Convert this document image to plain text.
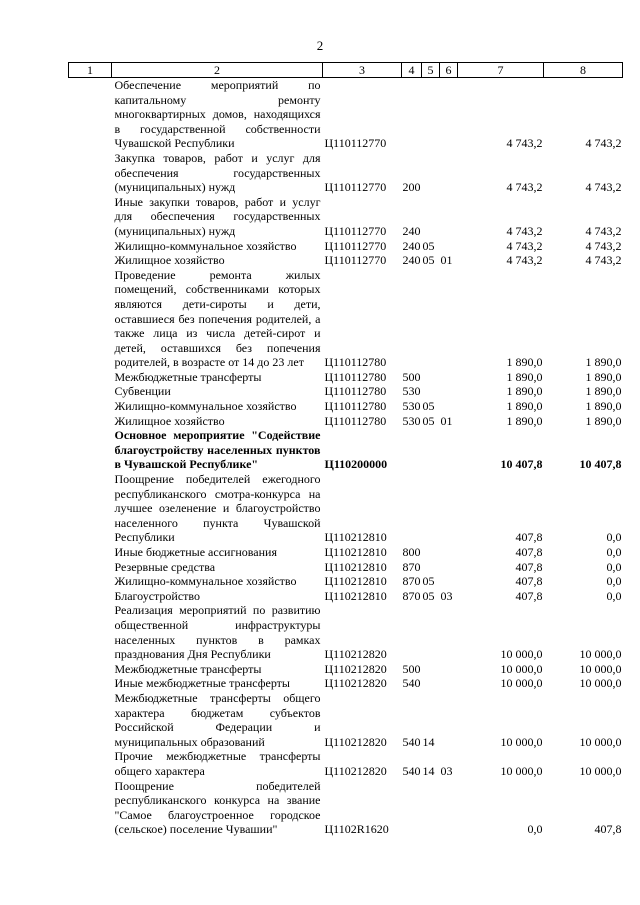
2
1	2	3	4	5	6	7	8
	Обеспечение мероприятий по капитальному ремонту многоквартирных домов, находящихся в государственной собственности Чувашской Республики	Ц110112770				4 743,2	4 743,2
	Закупка товаров, работ и услуг для обеспечения государственных (муниципальных) нужд	Ц110112770	200			4 743,2	4 743,2
	Иные закупки товаров, работ и услуг для обеспечения государственных (муниципальных) нужд	Ц110112770	240			4 743,2	4 743,2
	Жилищно-коммунальное хозяйство	Ц110112770	240	05		4 743,2	4 743,2
	Жилищное хозяйство	Ц110112770	240	05	01	4 743,2	4 743,2
	Проведение ремонта жилых помещений, собственниками которых являются дети-сироты и дети, оставшиеся без попечения родителей, а также лица из числа детей-сирот и детей, оставшихся без попечения родителей, в возрасте от 14 до 23 лет	Ц110112780				1 890,0	1 890,0
	Межбюджетные трансферты	Ц110112780	500			1 890,0	1 890,0
	Субвенции	Ц110112780	530			1 890,0	1 890,0
	Жилищно-коммунальное хозяйство	Ц110112780	530	05		1 890,0	1 890,0
	Жилищное хозяйство	Ц110112780	530	05	01	1 890,0	1 890,0
	Основное мероприятие "Содействие благоустройству населенных пунктов в Чувашской Республике"	Ц110200000				10 407,8	10 407,8
	Поощрение победителей ежегодного республиканского смотра-конкурса на лучшее озеленение и благоустройство населенного пункта Чувашской Республики	Ц110212810				407,8	0,0
	Иные бюджетные ассигнования	Ц110212810	800			407,8	0,0
	Резервные средства	Ц110212810	870			407,8	0,0
	Жилищно-коммунальное хозяйство	Ц110212810	870	05		407,8	0,0
	Благоустройство	Ц110212810	870	05	03	407,8	0,0
	Реализация мероприятий по развитию общественной инфраструктуры населенных пунктов в рамках празднования Дня Республики	Ц110212820				10 000,0	10 000,0
	Межбюджетные трансферты	Ц110212820	500			10 000,0	10 000,0
	Иные межбюджетные трансферты	Ц110212820	540			10 000,0	10 000,0
	Межбюджетные трансферты общего характера бюджетам субъектов Российской Федерации и муниципальных образований	Ц110212820	540	14		10 000,0	10 000,0
	Прочие межбюджетные трансферты общего характера	Ц110212820	540	14	03	10 000,0	10 000,0
	Поощрение победителей республиканского конкурса на звание "Самое благоустроенное городское (сельское) поселение Чувашии"	Ц1102R1620				0,0	407,8
